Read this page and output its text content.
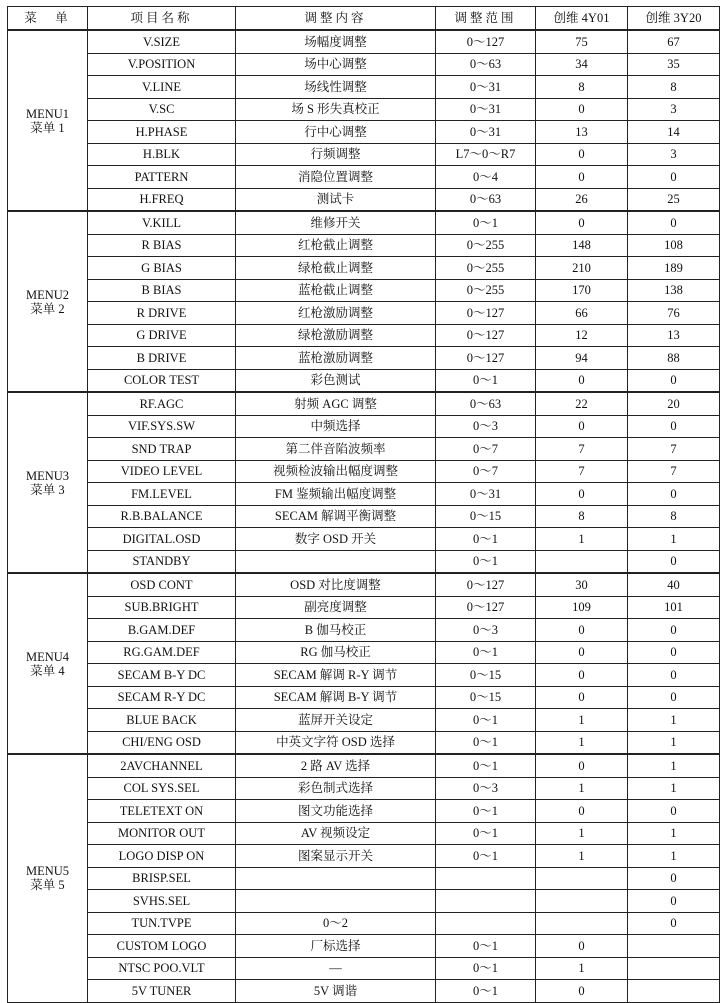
菜　单	项目名称	调整内容	调整范围	创维 4Y01	创维 3Y20

MENU1
菜单 1	V.SIZE	场幅度调整	0～127	75	67
	V.POSITION	场中心调整	0～63	34	35
	V.LINE	场线性调整	0～31	8	8
	V.SC	场 S 形失真校正	0～31	0	3
	H.PHASE	行中心调整	0～31	13	14
	H.BLK	行频调整	L7～0～R7	0	3
	PATTERN	消隐位置调整	0～4	0	0
	H.FREQ	测试卡	0～63	26	25

MENU2
菜单 2	V.KILL	维修开关	0～1	0	0
	R BIAS	红枪截止调整	0～255	148	108
	G BIAS	绿枪截止调整	0～255	210	189
	B BIAS	蓝枪截止调整	0～255	170	138
	R DRIVE	红枪激励调整	0～127	66	76
	G DRIVE	绿枪激励调整	0～127	12	13
	B DRIVE	蓝枪激励调整	0～127	94	88
	COLOR TEST	彩色测试	0～1	0	0

MENU3
菜单 3	RF.AGC	射频 AGC 调整	0～63	22	20
	VIF.SYS.SW	中频选择	0～3	0	0
	SND TRAP	第二伴音陷波频率	0～7	7	7
	VIDEO LEVEL	视频检波输出幅度调整	0～7	7	7
	FM.LEVEL	FM 鉴频输出幅度调整	0～31	0	0
	R.B.BALANCE	SECAM 解调平衡调整	0～15	8	8
	DIGITAL.OSD	数字 OSD 开关	0～1	1	1
	STANDBY		0～1		0

MENU4
菜单 4	OSD CONT	OSD 对比度调整	0～127	30	40
	SUB.BRIGHT	副亮度调整	0～127	109	101
	B.GAM.DEF	B 伽马校正	0～3	0	0
	RG.GAM.DEF	RG 伽马校正	0～1	0	0
	SECAM B-Y DC	SECAM 解调 R-Y 调节	0～15	0	0
	SECAM R-Y DC	SECAM 解调 B-Y 调节	0～15	0	0
	BLUE BACK	蓝屏开关设定	0～1	1	1
	CHI/ENG OSD	中英文字符 OSD 选择	0～1	1	1

MENU5
菜单 5	2AVCHANNEL	2 路 AV 选择	0～1	0	1
	COL SYS.SEL	彩色制式选择	0～3	1	1
	TELETEXT ON	图文功能选择	0～1	0	0
	MONITOR OUT	AV 视频设定	0～1	1	1
	LOGO DISP ON	图案显示开关	0～1	1	1
	BRISP.SEL				0
	SVHS.SEL				0
	TUN.TVPE	0～2			0
	CUSTOM LOGO	厂标选择	0～1	0	
	NTSC POO.VLT	—	0～1	1	
	5V TUNER	5V 调谐	0～1	0	
